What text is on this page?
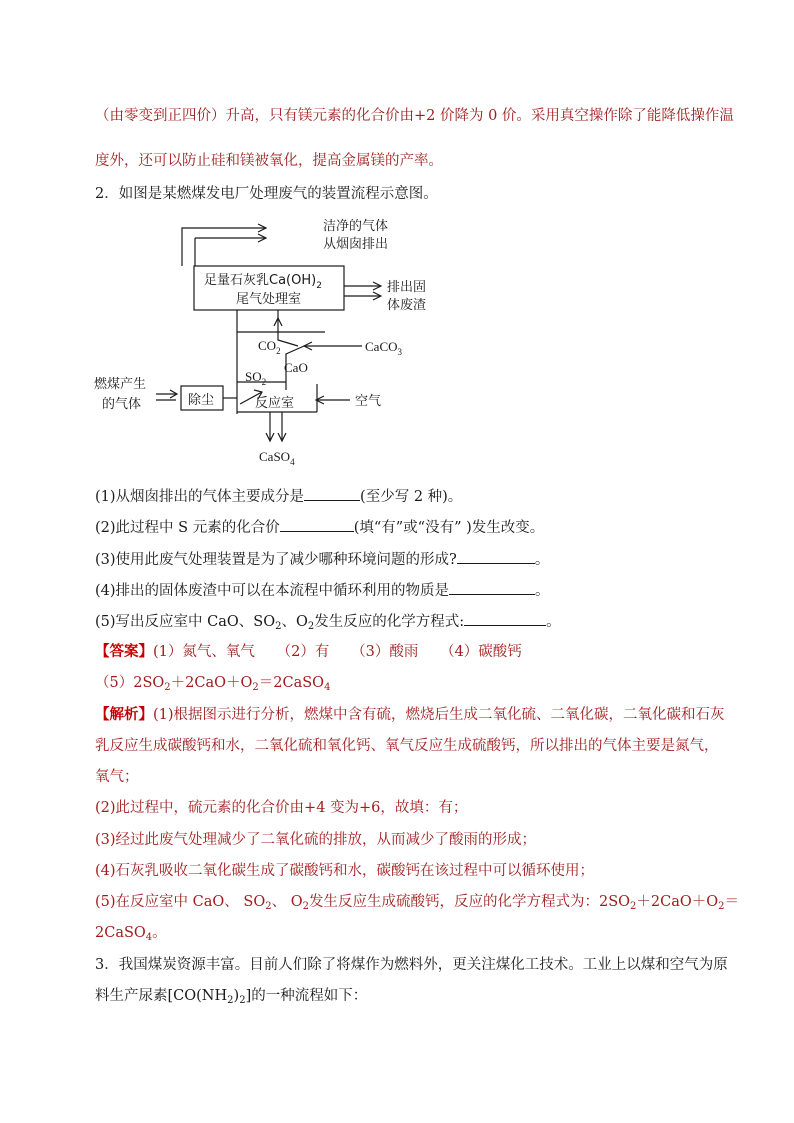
（由零变到正四价）升高，只有镁元素的化合价由+2 价降为 0 价。采用真空操作除了能降低操作温
度外，还可以防止硅和镁被氧化，提高金属镁的产率。
2．如图是某燃煤发电厂处理废气的装置流程示意图。
洁净的气体
从烟囱排出
足量石灰乳$Ca(OH)_2$
尾气处理室
排出固
体废渣
$CO_2$	CaCO$_3$
CaO
$SO_2$
燃煤产生
的气体	除尘	反应室	空气
CaSO$_4$
(1)从烟囱排出的气体主要成分是	(至少写 2 种)。
(2)此过程中 S 元素的化合价	(填“有”或“没有” )发生改变。
(3)使用此废气处理装置是为了减少哪种环境问题的形成?	。
(4)排出的固体废渣中可以在本流程中循环利用的物质是	。
(5)写出反应室中 CaO、$SO_2$、$O_2$发生反应的化学方程式:	。
【答案】(1）氮气、氧气　　（2）有　　（3）酸雨　　（4）碳酸钙
$(5)2SO_2+2CaO+O_2=2CaSO_4$
【解析】(1)根据图示进行分析，燃煤中含有硫，燃烧后生成二氧化硫、二氧化碳，二氧化碳和石灰
乳反应生成碳酸钙和水，二氧化硫和氧化钙、氧气反应生成硫酸钙，所以排出的气体主要是氮气，
氧气；
(2)此过程中，硫元素的化合价由+4 变为+6，故填：有；
(3)经过此废气处理减少了二氧化硫的排放，从而减少了酸雨的形成；
(4)石灰乳吸收二氧化碳生成了碳酸钙和水，碳酸钙在该过程中可以循环使用；
(5)在反应室中 CaO、 $SO_2$、 $O_2$发生反应生成硫酸钙，反应的化学方程式为：$2SO_2+2CaO+O_2=$
2CaSO$_4$。
3．我国煤炭资源丰富。目前人们除了将煤作为燃料外，更关注煤化工技术。工业上以煤和空气为原
料生产尿素$[CO(NH_2)_2]$的一种流程如下：
